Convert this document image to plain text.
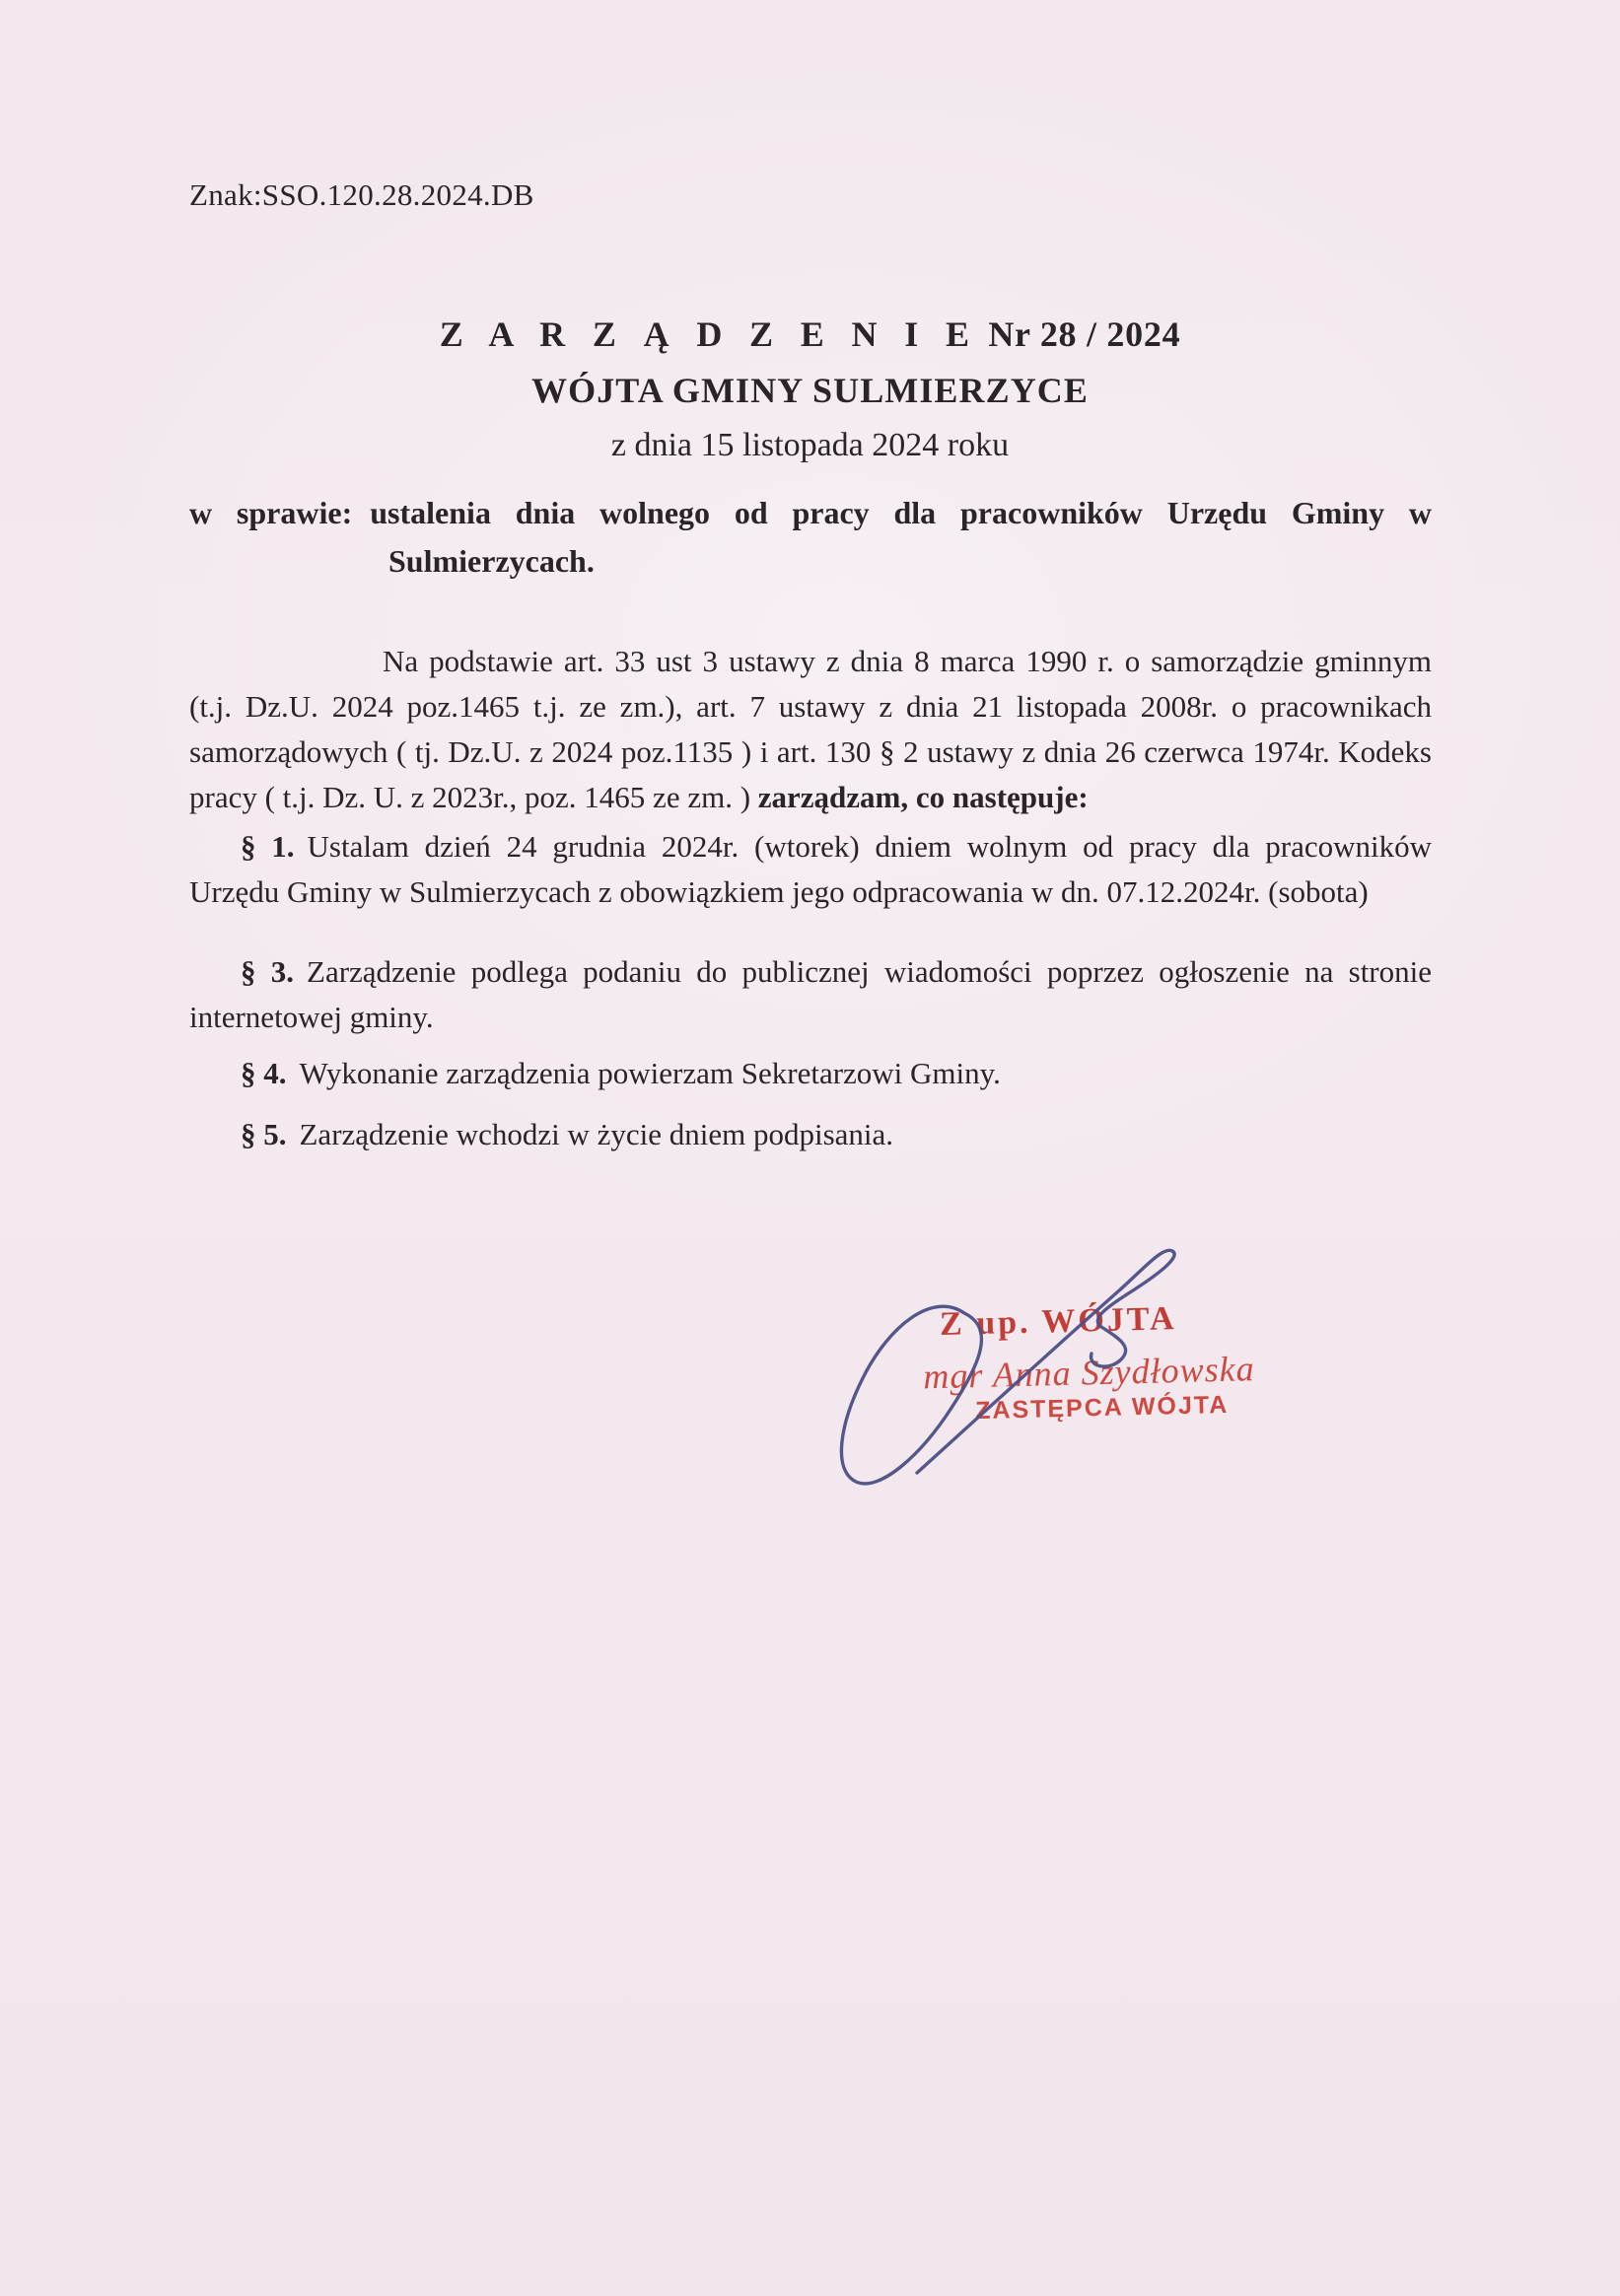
Znak:SSO.120.28.2024.DB
Z A R Z Ą D Z E N I E Nr 28 / 2024
WÓJTA GMINY SULMIERZYCE
z dnia 15 listopada 2024 roku
w sprawie: ustalenia dnia wolnego od pracy dla pracowników Urzędu Gminy w Sulmierzycach.

Na podstawie art. 33 ust 3 ustawy z dnia 8 marca 1990 r. o samorządzie gminnym (t.j. Dz.U. 2024 poz.1465 t.j. ze zm.), art. 7 ustawy z dnia 21 listopada 2008r. o pracownikach samorządowych ( tj. Dz.U. z 2024 poz.1135 ) i art. 130 § 2 ustawy z dnia 26 czerwca 1974r. Kodeks pracy ( t.j. Dz. U. z 2023r., poz. 1465 ze zm. ) zarządzam, co następuje:

§ 1. Ustalam dzień 24 grudnia 2024r. (wtorek) dniem wolnym od pracy dla pracowników Urzędu Gminy w Sulmierzycach z obowiązkiem jego odpracowania w dn. 07.12.2024r. (sobota)

§ 3. Zarządzenie podlega podaniu do publicznej wiadomości poprzez ogłoszenie na stronie internetowej gminy.

§ 4. Wykonanie zarządzenia powierzam Sekretarzowi Gminy.

§ 5. Zarządzenie wchodzi w życie dniem podpisania.

Z up. WÓJTA
mgr Anna Szydłowska
ZASTĘPCA WÓJTA
